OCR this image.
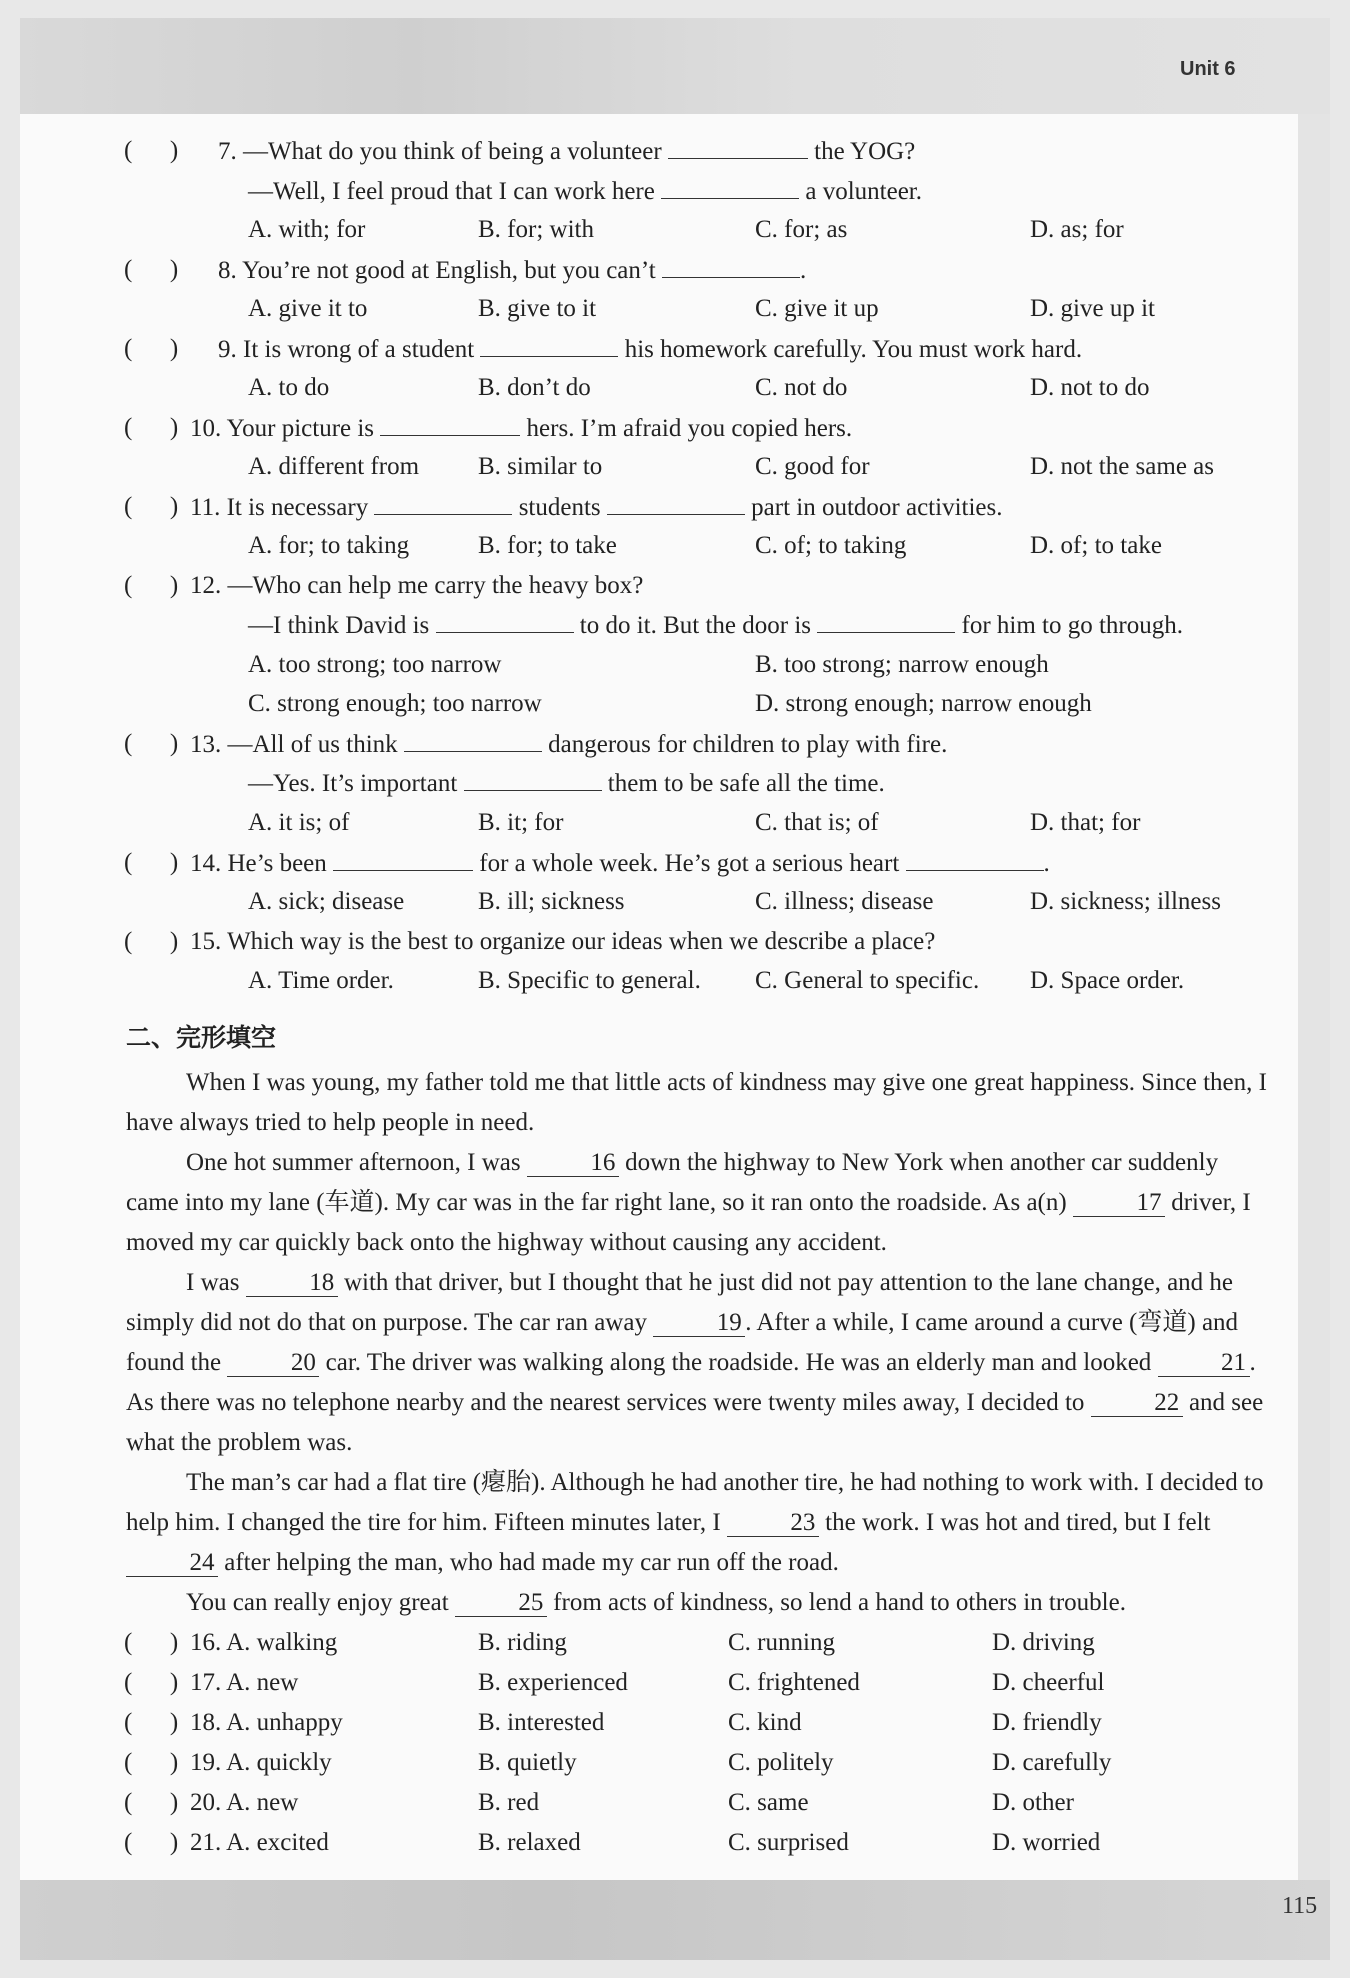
Unit 6
115
(      ) 7. —What do you think of being a volunteer	the YOG?
—Well, I feel proud that I can work here	a volunteer.
A. with; for	B. for; with	C. for; as	D. as; for
(      ) 8. You’re not good at English, but you can’t	.
A. give it to	B. give to it	C. give it up	D. give up it
(      ) 9. It is wrong of a student	his homework carefully. You must work hard.
A. to do	B. don’t do	C. not do	D. not to do
(      ) 10. Your picture is	hers. I’m afraid you copied hers.
A. different from B. similar to	C. good for	D. not the same as
(      ) 11. It is necessary	students	part in outdoor activities.
A. for; to taking	B. for; to take	C. of; to taking	D. of; to take
(      ) 12. —Who can help me carry the heavy box?
—I think David is	to do it. But the door is	for him to go through.
A. too strong; too narrow	B. too strong; narrow enough
C. strong enough; too narrow	D. strong enough; narrow enough
(      ) 13. —All of us think	dangerous for children to play with fire.
—Yes. It’s important	them to be safe all the time.
A. it is; of	B. it; for	C. that is; of	D. that; for
(      ) 14. He’s been	for a whole week. He’s got a serious heart	.
A. sick; disease	B. ill; sickness	C. illness; disease	D. sickness; illness
(      ) 15. Which way is the best to organize our ideas when we describe a place?
A. Time order.	B. Specific to general. C. General to specific. D. Space order.
二、完形填空
When I was young, my father told me that little acts of kindness may give one great happiness. Since then, I have always tried to help people in need.
One hot summer afternoon, I was	16 down the highway to New York when another car suddenly came into my lane (车道). My car was in the far right lane, so it ran onto the roadside. As a(n)	17 driver, I moved my car quickly back onto the highway without causing any accident.
I was	18 with that driver, but I thought that he just did not pay attention to the lane change, and he simply did not do that on purpose. The car ran away	19 . After a while, I came around a curve (弯道) and found the	20 car. The driver was walking along the roadside. He was an elderly man and looked	21 . As there was no telephone nearby and the nearest services were twenty miles away, I decided to	22 and see what the problem was.
The man’s car had a flat tire (瘪胎). Although he had another tire, he had nothing to work with. I decided to help him. I changed the tire for him. Fifteen minutes later, I	23 the work. I was hot and tired, but I felt 24 after helping the man, who had made my car run off the road.
You can really enjoy great	25 from acts of kindness, so lend a hand to others in trouble.
(      ) 16. A. walking	B. riding	C. running	D. driving
(      ) 17. A. new	B. experienced	C. frightened	D. cheerful
(      ) 18. A. unhappy	B. interested	C. kind	D. friendly
(      ) 19. A. quickly	B. quietly	C. politely	D. carefully
(      ) 20. A. new	B. red	C. same	D. other
(      ) 21. A. excited	B. relaxed	C. surprised	D. worried
